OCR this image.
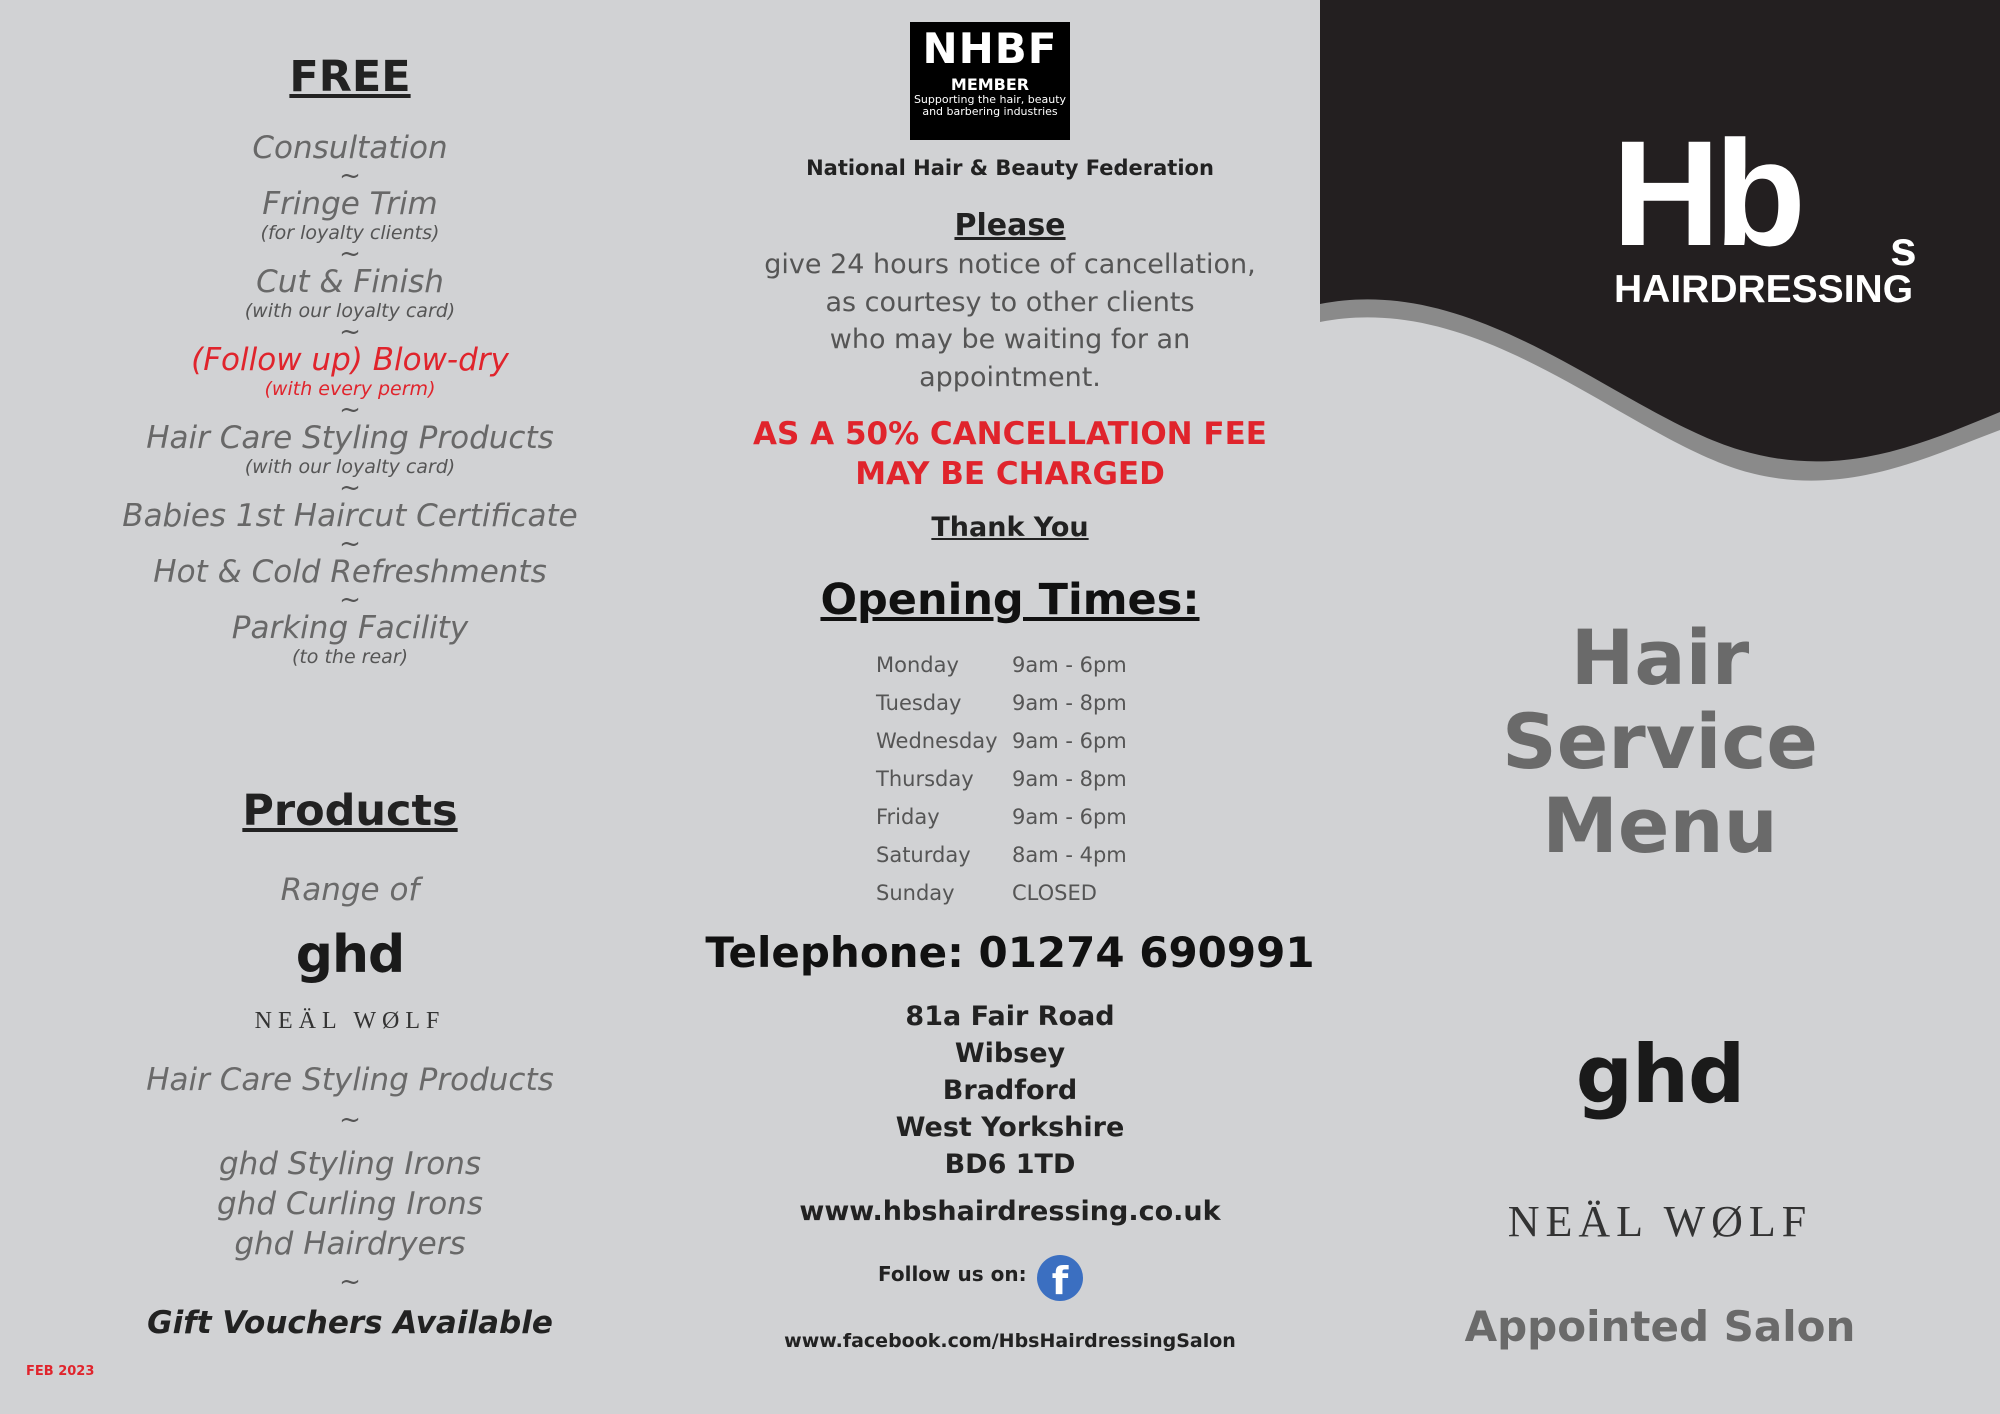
FREE
Consultation
~
Fringe Trim
(for loyalty clients)
~
Cut & Finish
(with our loyalty card)
~
(Follow up) Blow-dry
(with every perm)
~
Hair Care Styling Products
(with our loyalty card)
~
Babies 1st Haircut Certificate
~
Hot & Cold Refreshments
~
Parking Facility
(to the rear)
Products
Range of
ghd
NEÄL WØLF
Hair Care Styling Products
~
ghd Styling Irons
ghd Curling Irons
ghd Hairdryers
~
Gift Vouchers Available
FEB 2023
NHBF
MEMBER
Supporting the hair, beauty and barbering industries
National Hair & Beauty Federation
Please
give 24 hours notice of cancellation,
as courtesy to other clients
who may be waiting for an
appointment.
AS A 50% CANCELLATION FEE
MAY BE CHARGED
Thank You
Opening Times:
Monday	9am - 6pm
Tuesday	9am - 8pm
Wednesday	9am - 6pm
Thursday	9am - 8pm
Friday	9am - 6pm
Saturday	8am - 4pm
Sunday	CLOSED
Telephone: 01274 690991
81a Fair Road
Wibsey
Bradford
West Yorkshire
BD6 1TD
www.hbshairdressing.co.uk
Follow us on: f
www.facebook.com/HbsHairdressingSalon
Hb s
HAIRDRESSING
Hair
Service
Menu
ghd
NEÄL WØLF
Appointed Salon
